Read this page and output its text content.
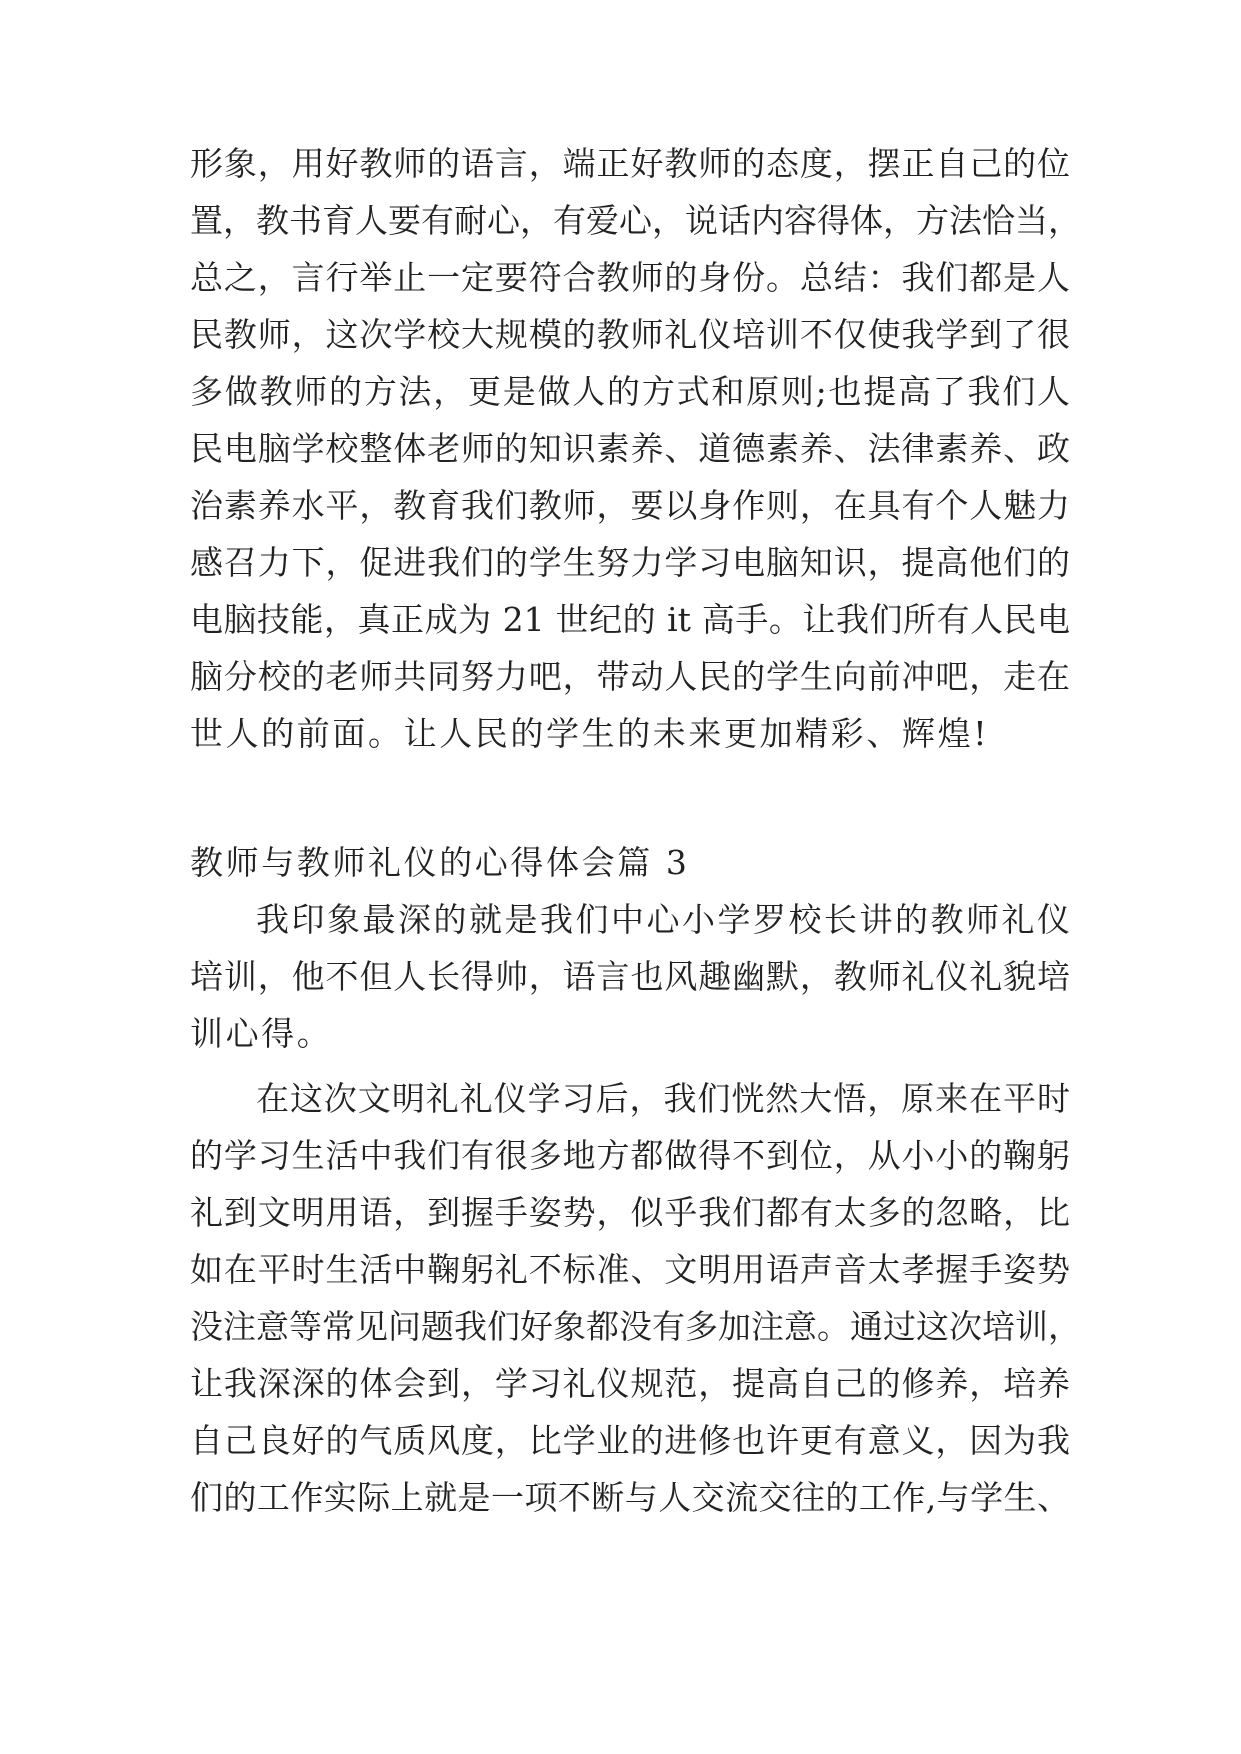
形象，用好教师的语言，端正好教师的态度，摆正自己的位
置，教书育人要有耐心，有爱心，说话内容得体，方法恰当，
总之，言行举止一定要符合教师的身份。总结：我们都是人
民教师，这次学校大规模的教师礼仪培训不仅使我学到了很
多做教师的方法，更是做人的方式和原则;也提高了我们人
民电脑学校整体老师的知识素养、道德素养、法律素养、政
治素养水平，教育我们教师，要以身作则，在具有个人魅力
感召力下，促进我们的学生努力学习电脑知识，提高他们的
电脑技能，真正成为 21 世纪的 it 高手。让我们所有人民电
脑分校的老师共同努力吧，带动人民的学生向前冲吧，走在
世人的前面。让人民的学生的未来更加精彩、辉煌!
教师与教师礼仪的心得体会篇 3
我印象最深的就是我们中心小学罗校长讲的教师礼仪
培训，他不但人长得帅，语言也风趣幽默，教师礼仪礼貌培
训心得。
在这次文明礼礼仪学习后，我们恍然大悟，原来在平时
的学习生活中我们有很多地方都做得不到位，从小小的鞠躬
礼到文明用语，到握手姿势，似乎我们都有太多的忽略，比
如在平时生活中鞠躬礼不标准、文明用语声音太孝握手姿势
没注意等常见问题我们好象都没有多加注意。通过这次培训，
让我深深的体会到，学习礼仪规范，提高自己的修养，培养
自己良好的气质风度，比学业的进修也许更有意义，因为我
们的工作实际上就是一项不断与人交流交往的工作,与学生、
